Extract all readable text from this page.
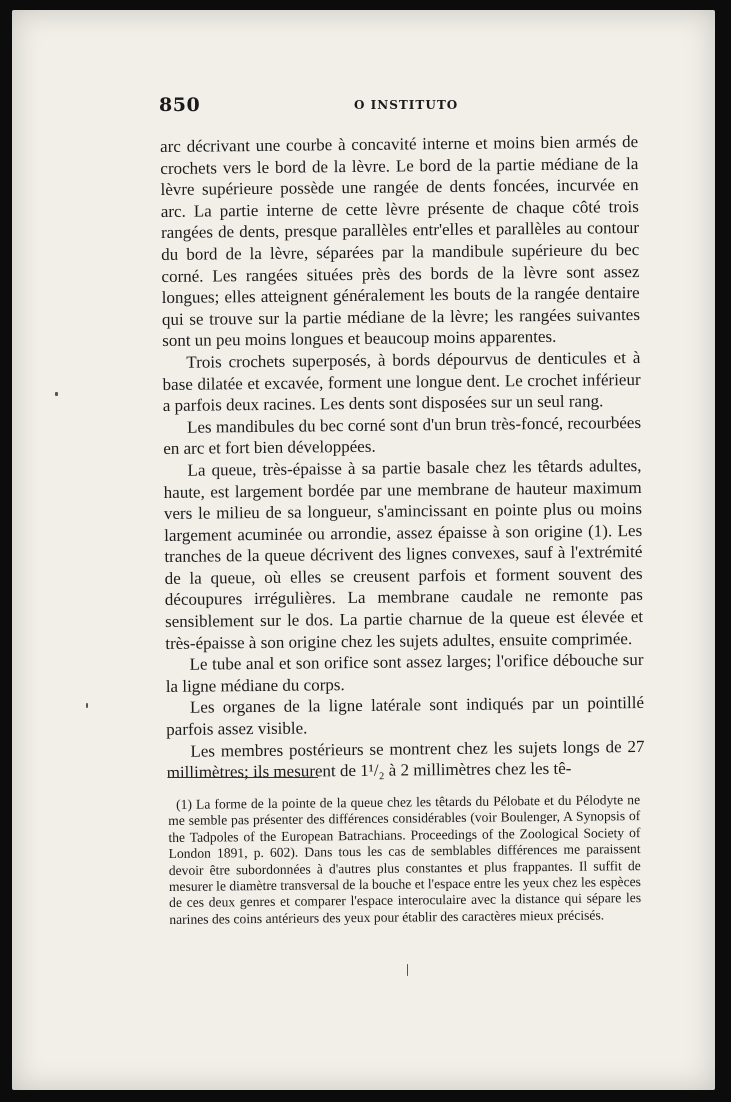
850	O INSTITUTO

arc décrivant une courbe à concavité interne et moins bien armés de crochets vers le bord de la lèvre. Le bord de la partie médiane de la lèvre supérieure possède une rangée de dents foncées, incurvée en arc. La partie interne de cette lèvre présente de chaque côté trois rangées de dents, presque parallèles entr'elles et parallèles au contour du bord de la lèvre, séparées par la mandibule supérieure du bec corné. Les rangées situées près des bords de la lèvre sont assez longues; elles atteignent généralement les bouts de la rangée dentaire qui se trouve sur la partie médiane de la lèvre; les rangées suivantes sont un peu moins longues et beaucoup moins apparentes.

Trois crochets superposés, à bords dépourvus de denticules et à base dilatée et excavée, forment une longue dent. Le crochet inférieur a parfois deux racines. Les dents sont disposées sur un seul rang.

Les mandibules du bec corné sont d'un brun très-foncé, recourbées en arc et fort bien développées.

La queue, très-épaisse à sa partie basale chez les têtards adultes, haute, est largement bordée par une membrane de hauteur maximum vers le milieu de sa longueur, s'amincissant en pointe plus ou moins largement acuminée ou arrondie, assez épaisse à son origine (1). Les tranches de la queue décrivent des lignes convexes, sauf à l'extrémité de la queue, où elles se creusent parfois et forment souvent des découpures irrégulières. La membrane caudale ne remonte pas sensiblement sur le dos. La partie charnue de la queue est élevée et très-épaisse à son origine chez les sujets adultes, ensuite comprimée.

Le tube anal et son orifice sont assez larges; l'orifice débouche sur la ligne médiane du corps.

Les organes de la ligne latérale sont indiqués par un pointillé parfois assez visible.

Les membres postérieurs se montrent chez les sujets longs de 27 millimètres; ils mesurent de 1¹/₂ à 2 millimètres chez les tê-

(1) La forme de la pointe de la queue chez les têtards du Pélobate et du Pélodyte ne me semble pas présenter des différences considérables (voir Boulenger, A Synopsis of the Tadpoles of the European Batrachians. Proceedings of the Zoological Society of London 1891, p. 602). Dans tous les cas de semblables différences me paraissent devoir être subordonnées à d'autres plus constantes et plus frappantes. Il suffit de mesurer le diamètre transversal de la bouche et l'espace entre les yeux chez les espèces de ces deux genres et comparer l'espace interoculaire avec la distance qui sépare les narines des coins antérieurs des yeux pour établir des caractères mieux précisés.
